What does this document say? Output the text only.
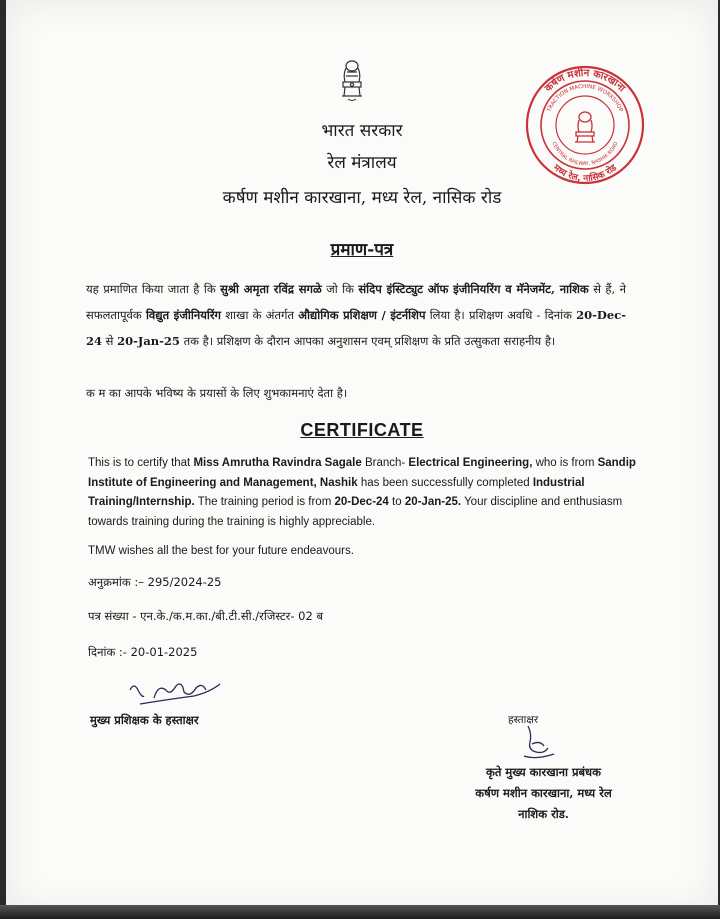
कर्षण मशीन कारखाना
TRACTION MACHINE WORKSHOP
CENTRAL RAILWAY, NASHIK ROAD
मध्य रेल, नासिक रोड
भारत सरकार
रेल मंत्रालय
कर्षण मशीन कारखाना, मध्य रेल, नासिक रोड
प्रमाण-पत्र
यह प्रमाणित किया जाता है कि सुश्री अमृता रविंद्र सगळे जो कि संदिप इंस्टिट्युट ऑफ इंजीनियरिंग व मॅनेजमेंट, नाशिक से हैं, ने सफलतापूर्वक विद्युत इंजीनियरिंग शाखा के अंतर्गत औद्योगिक प्रशिक्षण / इंटर्नशिप लिया है। प्रशिक्षण अवधि - दिनांक 20-Dec-24 से 20-Jan-25 तक है। प्रशिक्षण के दौरान आपका अनुशासन एवम् प्रशिक्षण के प्रति उत्सुकता सराहनीय है।
क म का आपके भविष्य के प्रयासों के लिए शुभकामनाएं देता है।
CERTIFICATE
This is to certify that Miss Amrutha Ravindra Sagale Branch- Electrical Engineering, who is from Sandip Institute of Engineering and Management, Nashik has been successfully completed Industrial Training/Internship. The training period is from 20-Dec-24 to 20-Jan-25. Your discipline and enthusiasm towards training during the training is highly appreciable.
TMW wishes all the best for your future endeavours.
अनुक्रमांक :– 295/2024-25
पत्र संख्या - एन.के./क.म.का./बी.टी.सी./रजिस्टर- 02 ब
दिनांक :- 20-01-2025
मुख्य प्रशिक्षक के हस्ताक्षर	हस्ताक्षर
कृते मुख्य कारखाना प्रबंधक
कर्षण मशीन कारखाना, मध्य रेल
नाशिक रोड.
